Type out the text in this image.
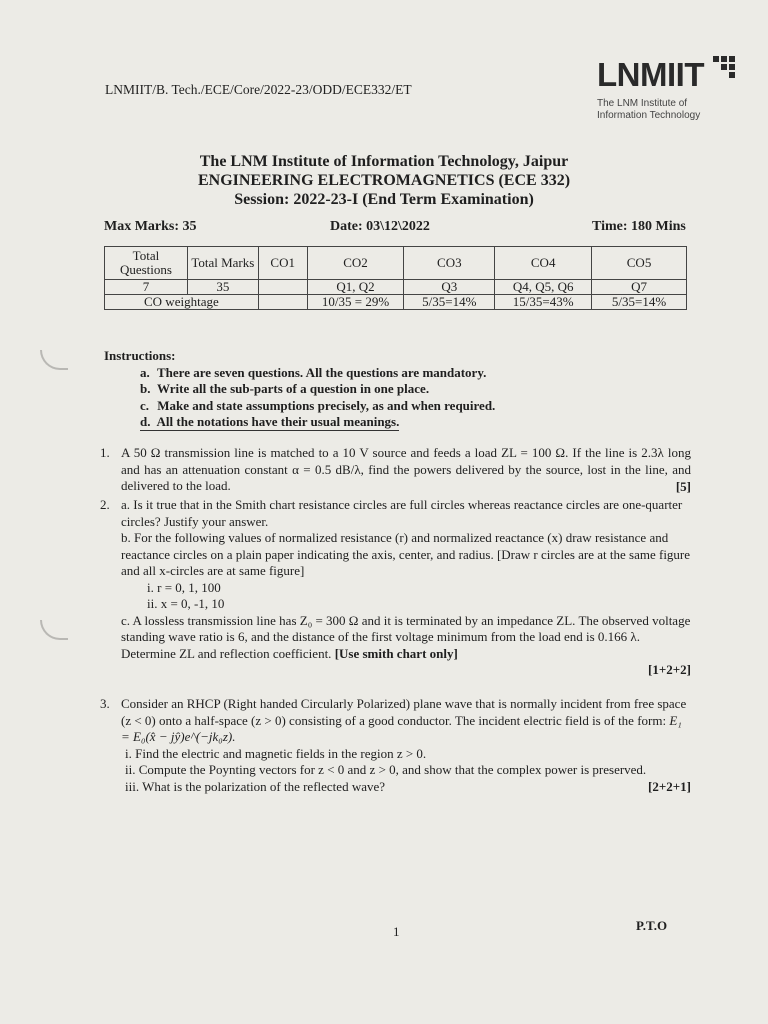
LNMIIT/B. Tech./ECE/Core/2022-23/ODD/ECE332/ET	LNMIIT
The LNM Institute of
Information Technology
The LNM Institute of Information Technology, Jaipur
ENGINEERING ELECTROMAGNETICS (ECE 332)
Session: 2022-23-I (End Term Examination)
Max Marks: 35	Date: 03\12\2022	Time: 180 Mins
Total Questions	Total Marks	CO1	CO2	CO3	CO4	CO5
7	35		Q1, Q2	Q3	Q4, Q5, Q6	Q7
CO weightage			10/35 = 29%	5/35=14%	15/35=43%	5/35=14%
Instructions:
a. There are seven questions. All the questions are mandatory.
b. Write all the sub-parts of a question in one place.
c. Make and state assumptions precisely, as and when required.
d. All the notations have their usual meanings.
1. A 50 Ω transmission line is matched to a 10 V source and feeds a load ZL = 100 Ω. If the line is 2.3λ long and has an attenuation constant α = 0.5 dB/λ, find the powers delivered by the source, lost in the line, and delivered to the load.	[5]
2. a. Is it true that in the Smith chart resistance circles are full circles whereas reactance circles are one-quarter circles? Justify your answer.
b. For the following values of normalized resistance (r) and normalized reactance (x) draw resistance and reactance circles on a plain paper indicating the axis, center, and radius. [Draw r circles are at the same figure and all x-circles are at same figure]
i. r = 0, 1, 100
ii. x = 0, -1, 10
c. A lossless transmission line has Z₀ = 300 Ω and it is terminated by an impedance ZL. The observed voltage standing wave ratio is 6, and the distance of the first voltage minimum from the load end is 0.166 λ. Determine ZL and reflection coefficient. [Use smith chart only]
[1+2+2]
3. Consider an RHCP (Right handed Circularly Polarized) plane wave that is normally incident from free space (z < 0) onto a half-space (z > 0) consisting of a good conductor. The incident electric field is of the form: E₁ = E₀(x̂ − jŷ)e^(−jk₀z).
i. Find the electric and magnetic fields in the region z > 0.
ii. Compute the Poynting vectors for z < 0 and z > 0, and show that the complex power is preserved.
iii. What is the polarization of the reflected wave?	[2+2+1]
1	P.T.O
